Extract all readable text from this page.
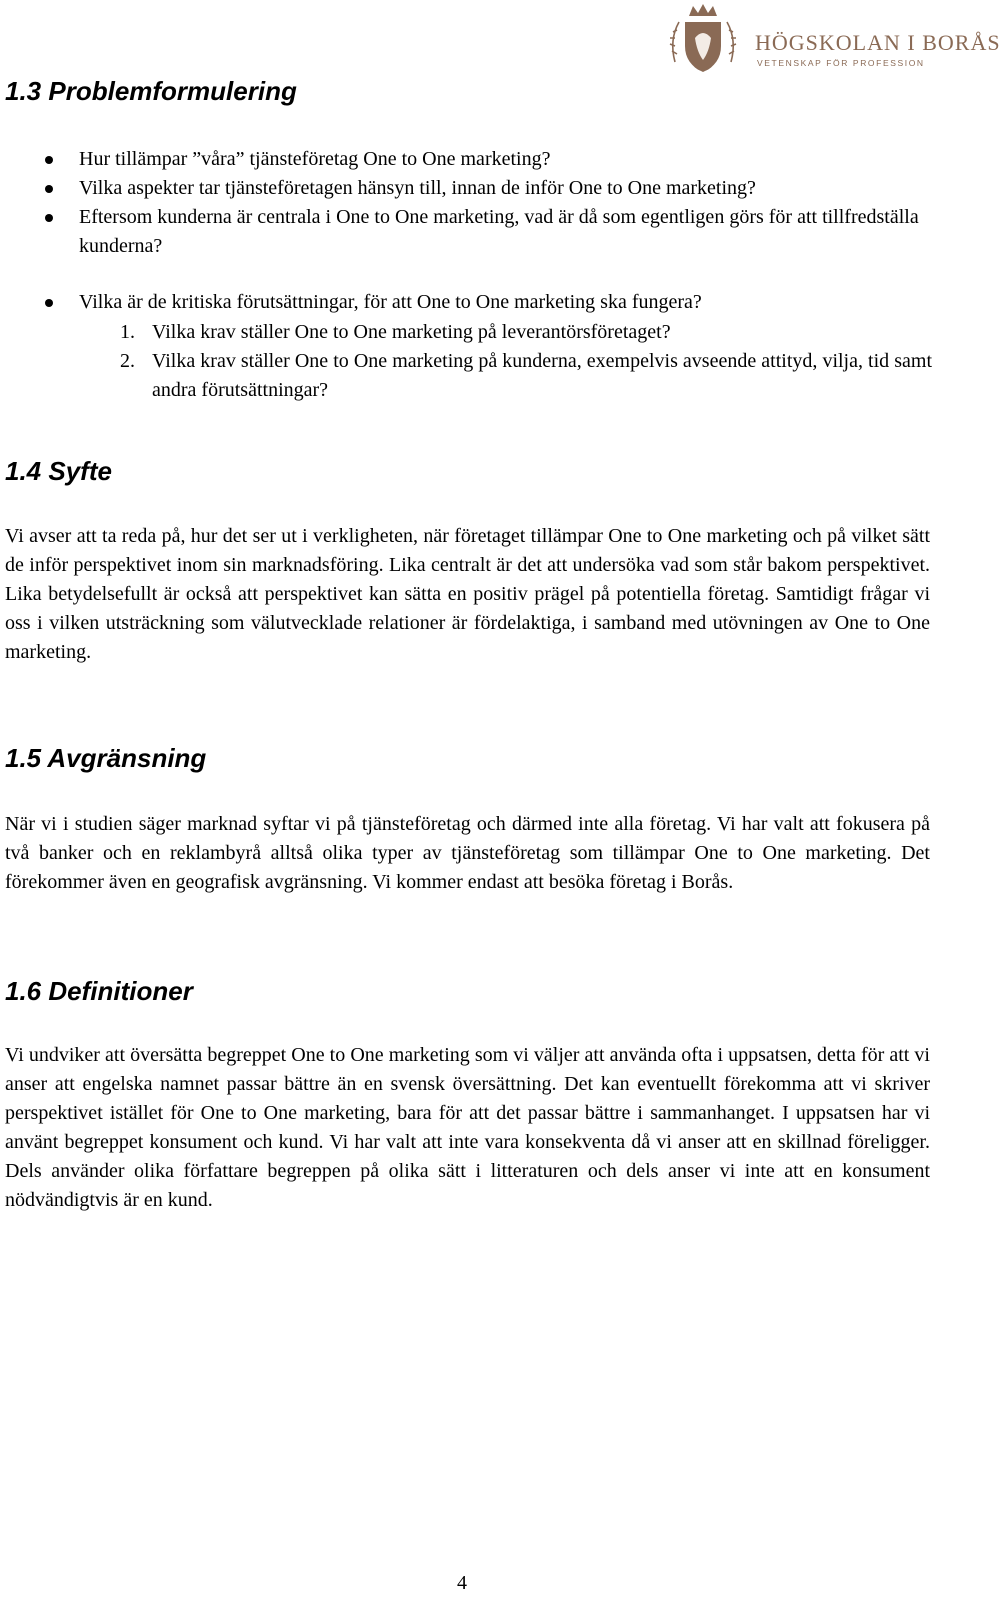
HÖGSKOLAN I BORÅS
VETENSKAP FÖR PROFESSION
1.3 Problemformulering
Hur tillämpar ”våra” tjänsteföretag One to One marketing?
Vilka aspekter tar tjänsteföretagen hänsyn till, innan de inför One to One marketing?
Eftersom kunderna är centrala i One to One marketing, vad är då som egentligen görs för att tillfredställa kunderna?
Vilka är de kritiska förutsättningar, för att One to One marketing ska fungera?
1. Vilka krav ställer One to One marketing på leverantörsföretaget?
2. Vilka krav ställer One to One marketing på kunderna, exempelvis avseende attityd, vilja, tid samt andra förutsättningar?
1.4 Syfte

Vi avser att ta reda på, hur det ser ut i verkligheten, när företaget tillämpar One to One marketing och på vilket sätt de inför perspektivet inom sin marknadsföring. Lika centralt är det att undersöka vad som står bakom perspektivet. Lika betydelsefullt är också att perspektivet kan sätta en positiv prägel på potentiella företag. Samtidigt frågar vi oss i vilken utsträckning som välutvecklade relationer är fördelaktiga, i samband med utövningen av One to One marketing.

1.5 Avgränsning

När vi i studien säger marknad syftar vi på tjänsteföretag och därmed inte alla företag. Vi har valt att fokusera på två banker och en reklambyrå alltså olika typer av tjänsteföretag som tillämpar One to One marketing. Det förekommer även en geografisk avgränsning. Vi kommer endast att besöka företag i Borås.

1.6 Definitioner

Vi undviker att översätta begreppet One to One marketing som vi väljer att använda ofta i uppsatsen, detta för att vi anser att engelska namnet passar bättre än en svensk översättning. Det kan eventuellt förekomma att vi skriver perspektivet istället för One to One marketing, bara för att det passar bättre i sammanhanget. I uppsatsen har vi använt begreppet konsument och kund. Vi har valt att inte vara konsekventa då vi anser att en skillnad föreligger. Dels använder olika författare begreppen på olika sätt i litteraturen och dels anser vi inte att en konsument nödvändigtvis är en kund.

4
